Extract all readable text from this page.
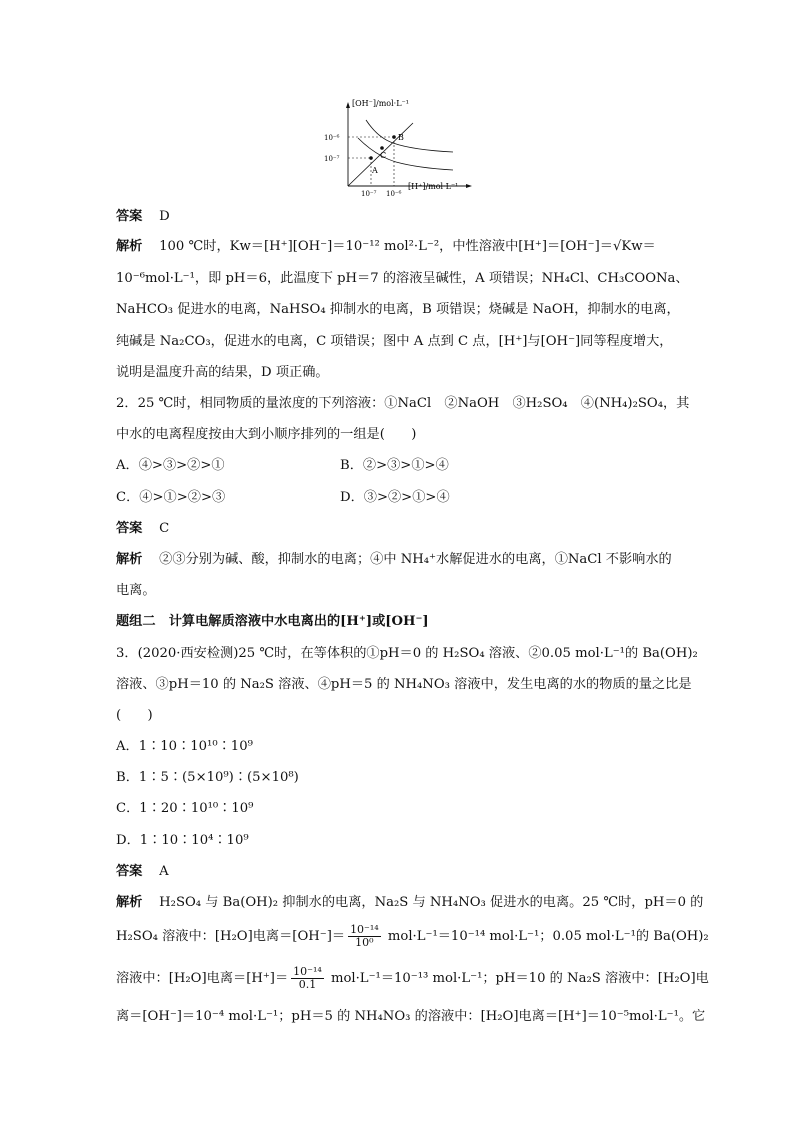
[OH⁻]/mol·L⁻¹
[H⁺]/mol·L⁻¹
10⁻⁶
10⁻⁷
10⁻⁷ 10⁻⁶
A
B
C
答案 D
解析 100 ℃时，Kw＝[H⁺][OH⁻]＝10⁻¹² mol²·L⁻²，中性溶液中[H⁺]＝[OH⁻]＝√Kw＝
10⁻⁶mol·L⁻¹，即 pH＝6，此温度下 pH＝7 的溶液呈碱性，A 项错误；NH₄Cl、CH₃COONa、
NaHCO₃ 促进水的电离，NaHSO₄ 抑制水的电离，B 项错误；烧碱是 NaOH，抑制水的电离，
纯碱是 Na₂CO₃，促进水的电离，C 项错误；图中 A 点到 C 点，[H⁺]与[OH⁻]同等程度增大，
说明是温度升高的结果，D 项正确。
2．25 ℃时，相同物质的量浓度的下列溶液：①NaCl　②NaOH　③H₂SO₄　④(NH₄)₂SO₄，其
中水的电离程度按由大到小顺序排列的一组是(　　)
A．④>③>②>①	B．②>③>①>④
C．④>①>②>③	D．③>②>①>④
答案 C
解析 ②③分别为碱、酸，抑制水的电离；④中 NH₄⁺水解促进水的电离，①NaCl 不影响水的
电离。
题组二　计算电解质溶液中水电离出的[H⁺]或[OH⁻]
3．(2020·西安检测)25 ℃时，在等体积的①pH＝0 的 H₂SO₄ 溶液、②0.05 mol·L⁻¹的 Ba(OH)₂
溶液、③pH＝10 的 Na₂S 溶液、④pH＝5 的 NH₄NO₃ 溶液中，发生电离的水的物质的量之比是
(　　)
A．1∶10∶10¹⁰∶10⁹
B．1∶5∶(5×10⁹)∶(5×10⁸)
C．1∶20∶10¹⁰∶10⁹
D．1∶10∶10⁴∶10⁹
答案 A
解析 H₂SO₄ 与 Ba(OH)₂ 抑制水的电离，Na₂S 与 NH₄NO₃ 促进水的电离。25 ℃时，pH＝0 的
H₂SO₄ 溶液中：[H₂O]电离$=[OH^-]= \frac{\text{10⁻¹⁴}}{\text{10⁰}} mol\cdot L^{-1}=10^{-14}$ mol·L⁻¹；0.05 mol·L⁻¹的 Ba(OH)₂
溶液中：[H₂O]电离$=[H^+]= \frac{\text{10⁻¹⁴}}{0.1} mol\cdot L^{-1}=10^{-13}$ mol·L⁻¹；pH＝10 的 Na₂S 溶液中：[H₂O]电
离＝[OH⁻]＝10⁻⁴ mol·L⁻¹；pH＝5 的 NH₄NO₃ 的溶液中：[H₂O]电离＝[H⁺]＝10⁻⁵mol·L⁻¹。它
